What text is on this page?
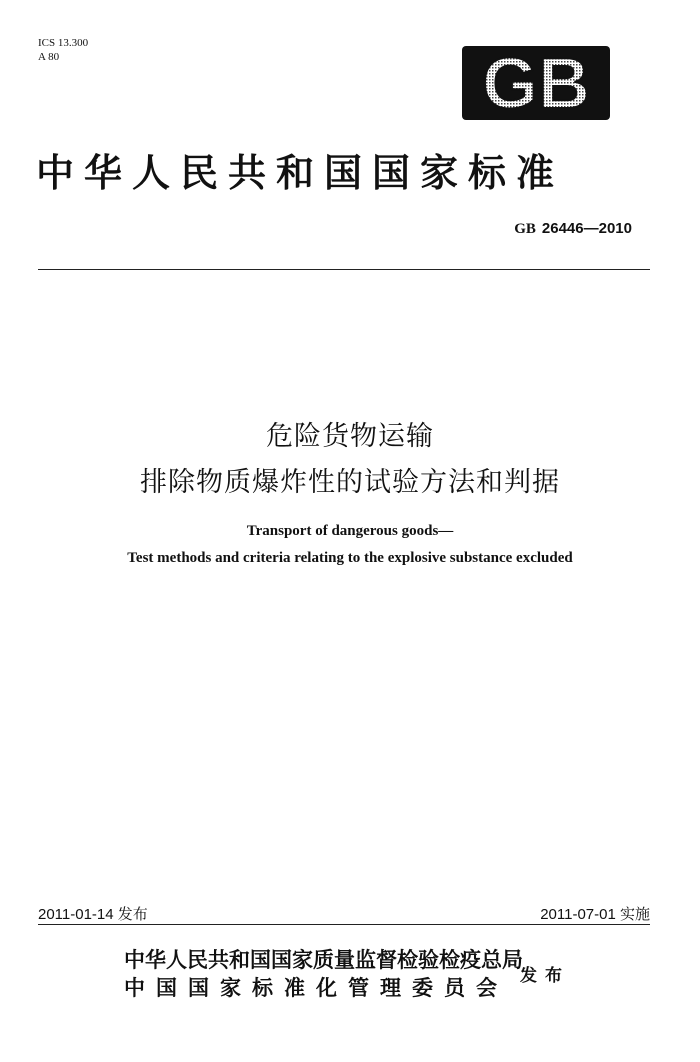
ICS 13.300
A 80	GB
中华人民共和国国家标准
GB 26446—2010
危险货物运输
排除物质爆炸性的试验方法和判据
Transport of dangerous goods—
Test methods and criteria relating to the explosive substance excluded
2011-01-14 发布	2011-07-01 实施
中华人民共和国国家质量监督检验检疫总局
中国国家标准化管理委员会 发布
